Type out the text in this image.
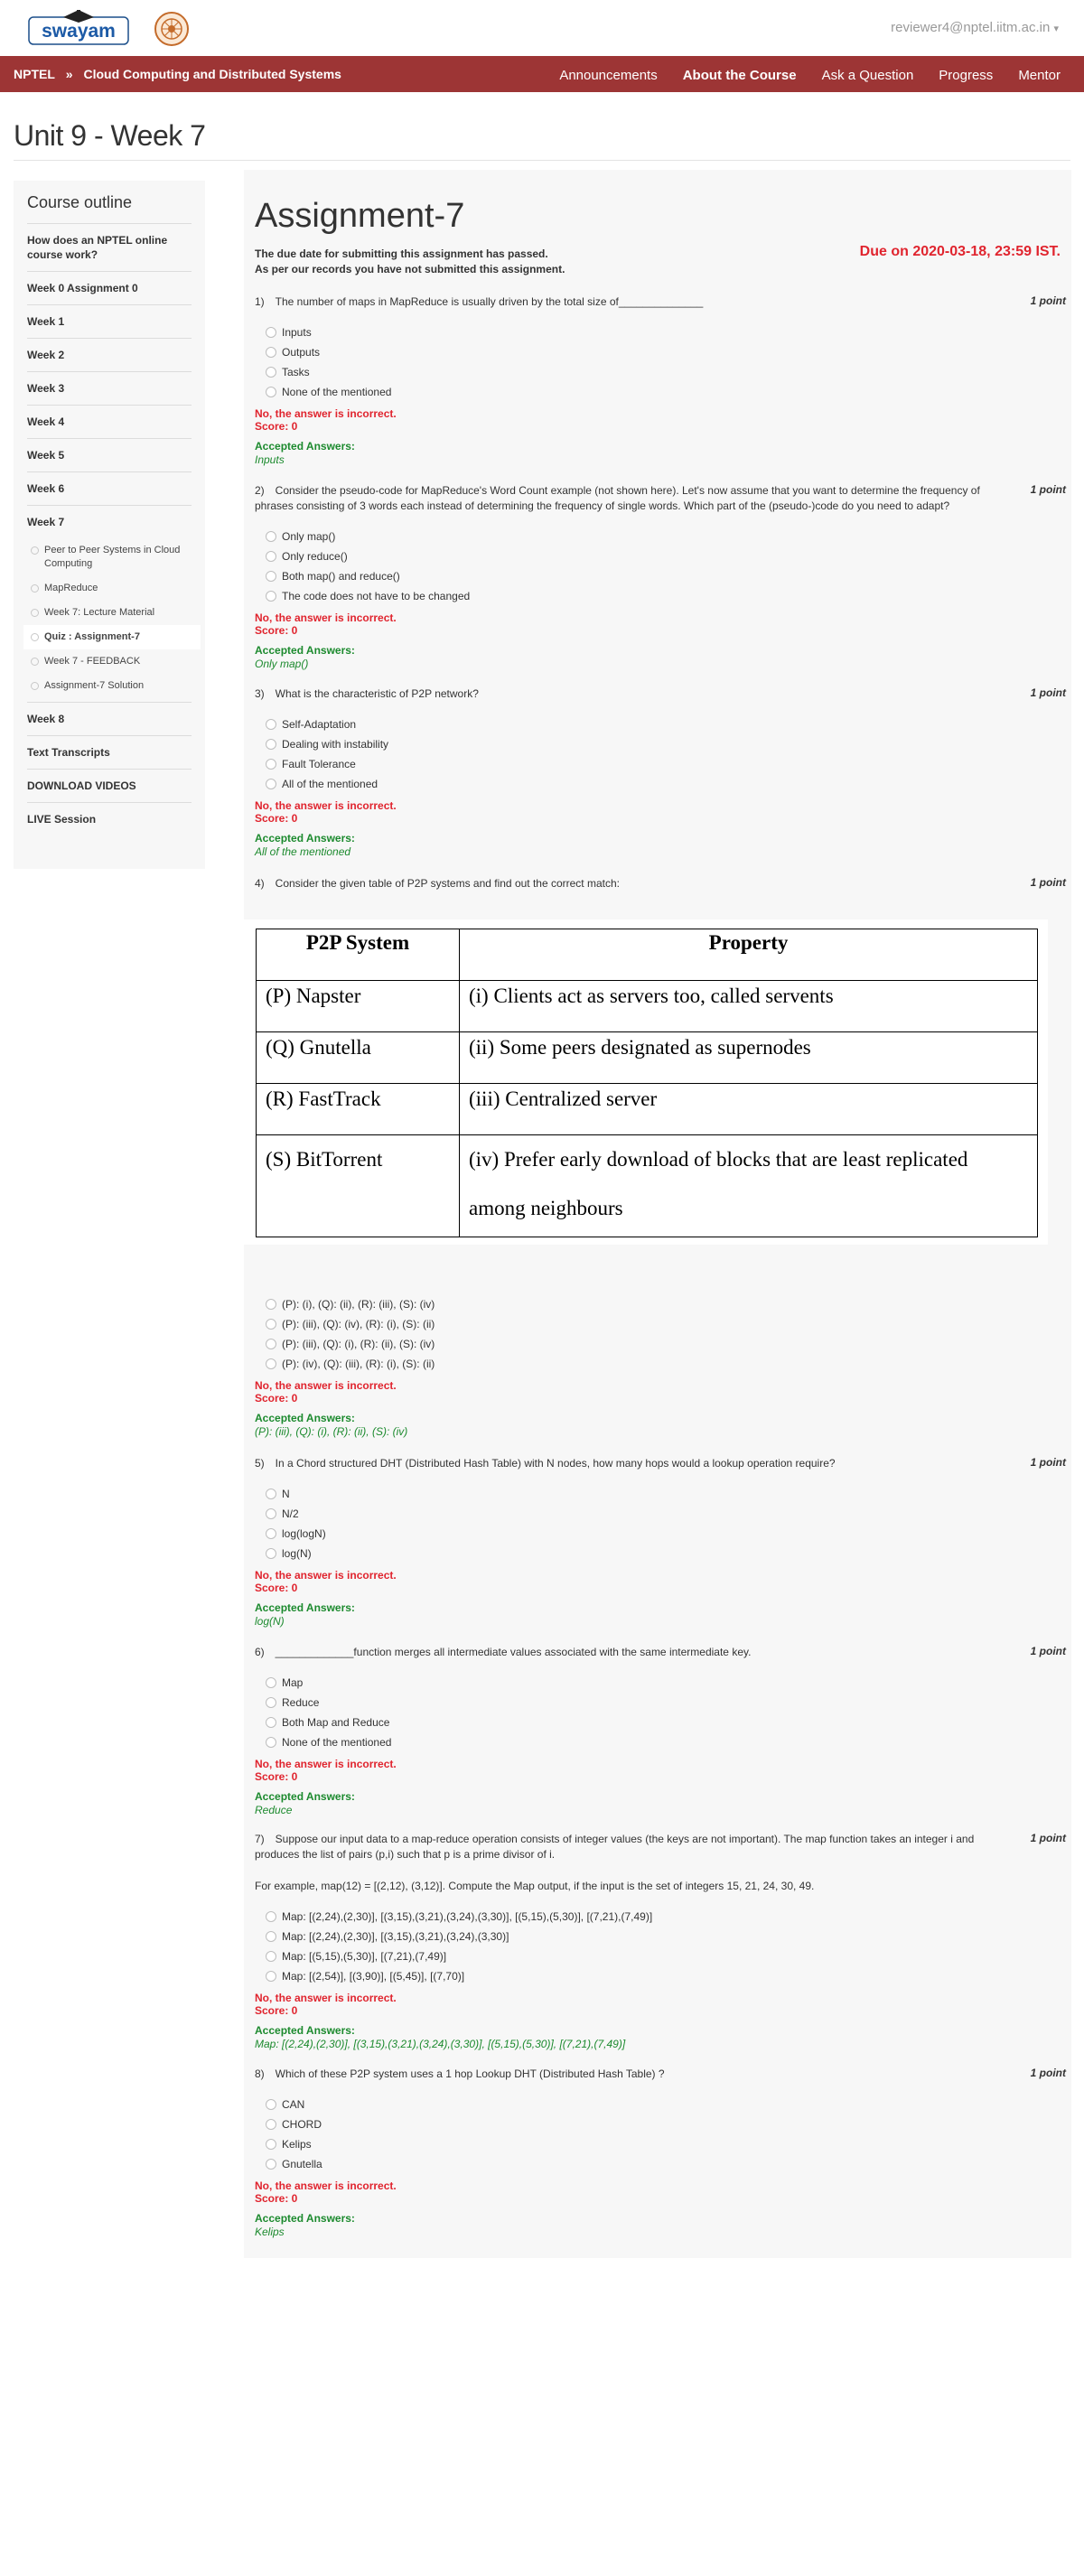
swayam	reviewer4@nptel.iitm.ac.in ▾
NPTEL » Cloud Computing and Distributed Systems	Announcements About the Course Ask a Question Progress Mentor
Unit 9 - Week 7
Course outline
How does an NPTEL online course work?
Week 0 Assignment 0
Week 1
Week 2
Week 3
Week 4
Week 5
Week 6
Week 7
Peer to Peer Systems in Cloud Computing
MapReduce
Week 7: Lecture Material
Quiz : Assignment-7
Week 7 - FEEDBACK
Assignment-7 Solution
Week 8
Text Transcripts
DOWNLOAD VIDEOS
LIVE Session
Assignment-7
The due date for submitting this assignment has passed.
As per our records you have not submitted this assignment.
Due on 2020-03-18, 23:59 IST.
1) The number of maps in MapReduce is usually driven by the total size of______________	1 point
Inputs
Outputs
Tasks
None of the mentioned
No, the answer is incorrect.
Score: 0
Accepted Answers:
Inputs
2) Consider the pseudo-code for MapReduce's Word Count example (not shown here). Let's now assume that you want to determine the frequency of phrases consisting of 3 words each instead of determining the frequency of single words. Which part of the (pseudo-)code do you need to adapt?
1 point
Only map()
Only reduce()
Both map() and reduce()
The code does not have to be changed
No, the answer is incorrect.
Score: 0
Accepted Answers:
Only map()
3) What is the characteristic of P2P network?	1 point
Self-Adaptation
Dealing with instability
Fault Tolerance
All of the mentioned
No, the answer is incorrect.
Score: 0
Accepted Answers:
All of the mentioned
4) Consider the given table of P2P systems and find out the correct match:	1 point
P2P System	Property
(P) Napster	(i) Clients act as servers too, called servents
(Q) Gnutella	(ii) Some peers designated as supernodes
(R) FastTrack	(iii) Centralized server
(S) BitTorrent	(iv) Prefer early download of blocks that are least replicated among neighbours
(P): (i), (Q): (ii), (R): (iii), (S): (iv)
(P): (iii), (Q): (iv), (R): (i), (S): (ii)
(P): (iii), (Q): (i), (R): (ii), (S): (iv)
(P): (iv), (Q): (iii), (R): (i), (S): (ii)
No, the answer is incorrect.
Score: 0
Accepted Answers:
(P): (iii), (Q): (i), (R): (ii), (S): (iv)
5) In a Chord structured DHT (Distributed Hash Table) with N nodes, how many hops would a lookup operation require?	1 point
N
N/2
log(logN)
log(N)
No, the answer is incorrect.
Score: 0
Accepted Answers:
log(N)
6) _____________function merges all intermediate values associated with the same intermediate key.	1 point
Map
Reduce
Both Map and Reduce
None of the mentioned
No, the answer is incorrect.
Score: 0
Accepted Answers:
Reduce
7) Suppose our input data to a map-reduce operation consists of integer values (the keys are not important). The map function takes an integer i and produces the list of pairs (p,i) such that p is a prime divisor of i.
1 point
For example, map(12) = [(2,12), (3,12)]. Compute the Map output, if the input is the set of integers 15, 21, 24, 30, 49.
Map: [(2,24),(2,30)], [(3,15),(3,21),(3,24),(3,30)], [(5,15),(5,30)], [(7,21),(7,49)]
Map: [(2,24),(2,30)], [(3,15),(3,21),(3,24),(3,30)]
Map: [(5,15),(5,30)], [(7,21),(7,49)]
Map: [(2,54)], [(3,90)], [(5,45)], [(7,70)]
No, the answer is incorrect.
Score: 0
Accepted Answers:
Map: [(2,24),(2,30)], [(3,15),(3,21),(3,24),(3,30)], [(5,15),(5,30)], [(7,21),(7,49)]
8) Which of these P2P system uses a 1 hop Lookup DHT (Distributed Hash Table) ?	1 point
CAN
CHORD
Kelips
Gnutella
No, the answer is incorrect.
Score: 0
Accepted Answers:
Kelips
